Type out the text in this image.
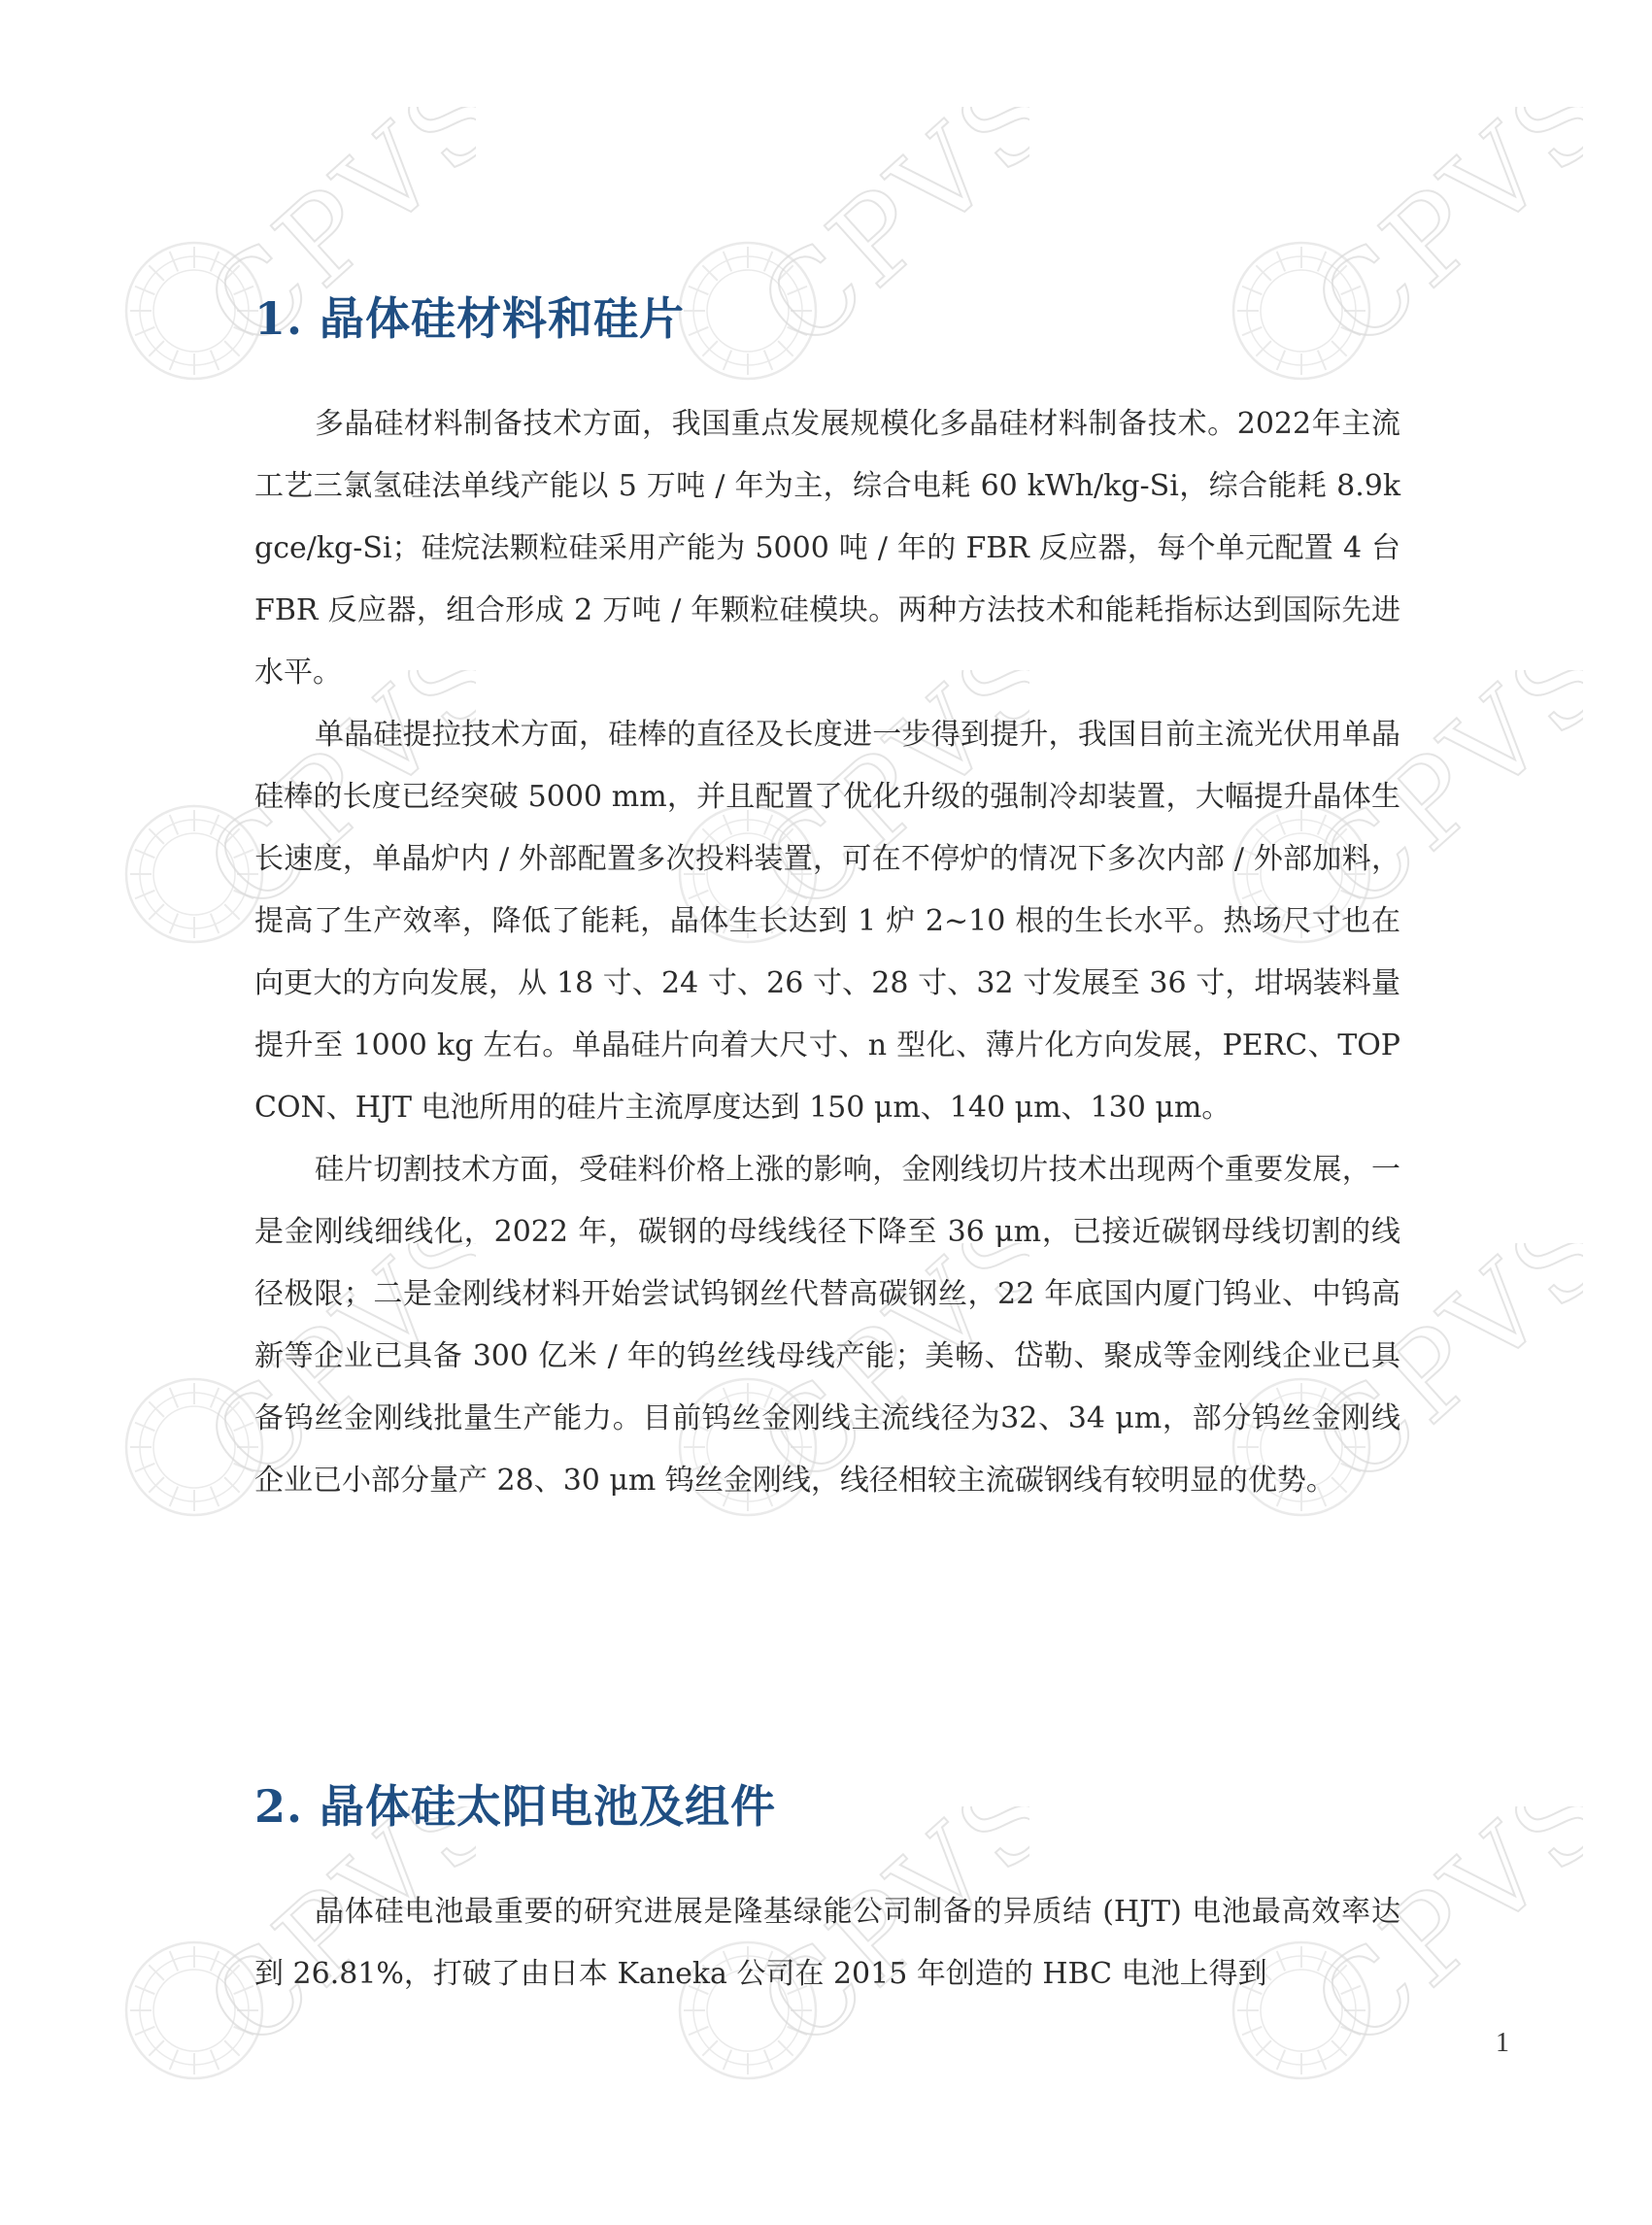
CPVS CPVS CPVS
CPVS CPVS CPVS
CPVS CPVS CPVS
CPVS CPVS CPVS
1. 晶体硅材料和硅片

多晶硅材料制备技术方面，我国重点发展规模化多晶硅材料制备技术。2022年主流工艺三氯氢硅法单线产能以 5 万吨 / 年为主，综合电耗 60 kWh/kg-Si，综合能耗 8.9kgce/kg-Si；硅烷法颗粒硅采用产能为 5000 吨 / 年的 FBR 反应器，每个单元配置 4 台 FBR 反应器，组合形成 2 万吨 / 年颗粒硅模块。两种方法技术和能耗指标达到国际先进水平。

单晶硅提拉技术方面，硅棒的直径及长度进一步得到提升，我国目前主流光伏用单晶硅棒的长度已经突破 5000 mm，并且配置了优化升级的强制冷却装置，大幅提升晶体生长速度，单晶炉内 / 外部配置多次投料装置，可在不停炉的情况下多次内部 / 外部加料，提高了生产效率，降低了能耗，晶体生长达到 1 炉 2~10 根的生长水平。热场尺寸也在向更大的方向发展，从 18 寸、24 寸、26 寸、28 寸、32 寸发展至 36 寸，坩埚装料量提升至 1000 kg 左右。单晶硅片向着大尺寸、n 型化、薄片化方向发展，PERC、TOPCON、HJT 电池所用的硅片主流厚度达到 150 μm、140 μm、130 μm。

硅片切割技术方面，受硅料价格上涨的影响，金刚线切片技术出现两个重要发展，一是金刚线细线化，2022 年，碳钢的母线线径下降至 36 μm，已接近碳钢母线切割的线径极限；二是金刚线材料开始尝试钨钢丝代替高碳钢丝，22 年底国内厦门钨业、中钨高新等企业已具备 300 亿米 / 年的钨丝线母线产能；美畅、岱勒、聚成等金刚线企业已具备钨丝金刚线批量生产能力。目前钨丝金刚线主流线径为32、34 μm，部分钨丝金刚线企业已小部分量产 28、30 μm 钨丝金刚线，线径相较主流碳钢线有较明显的优势。

2. 晶体硅太阳电池及组件

晶体硅电池最重要的研究进展是隆基绿能公司制备的异质结 (HJT) 电池最高效率达到 26.81%，打破了由日本 Kaneka 公司在 2015 年创造的 HBC 电池上得到

1
